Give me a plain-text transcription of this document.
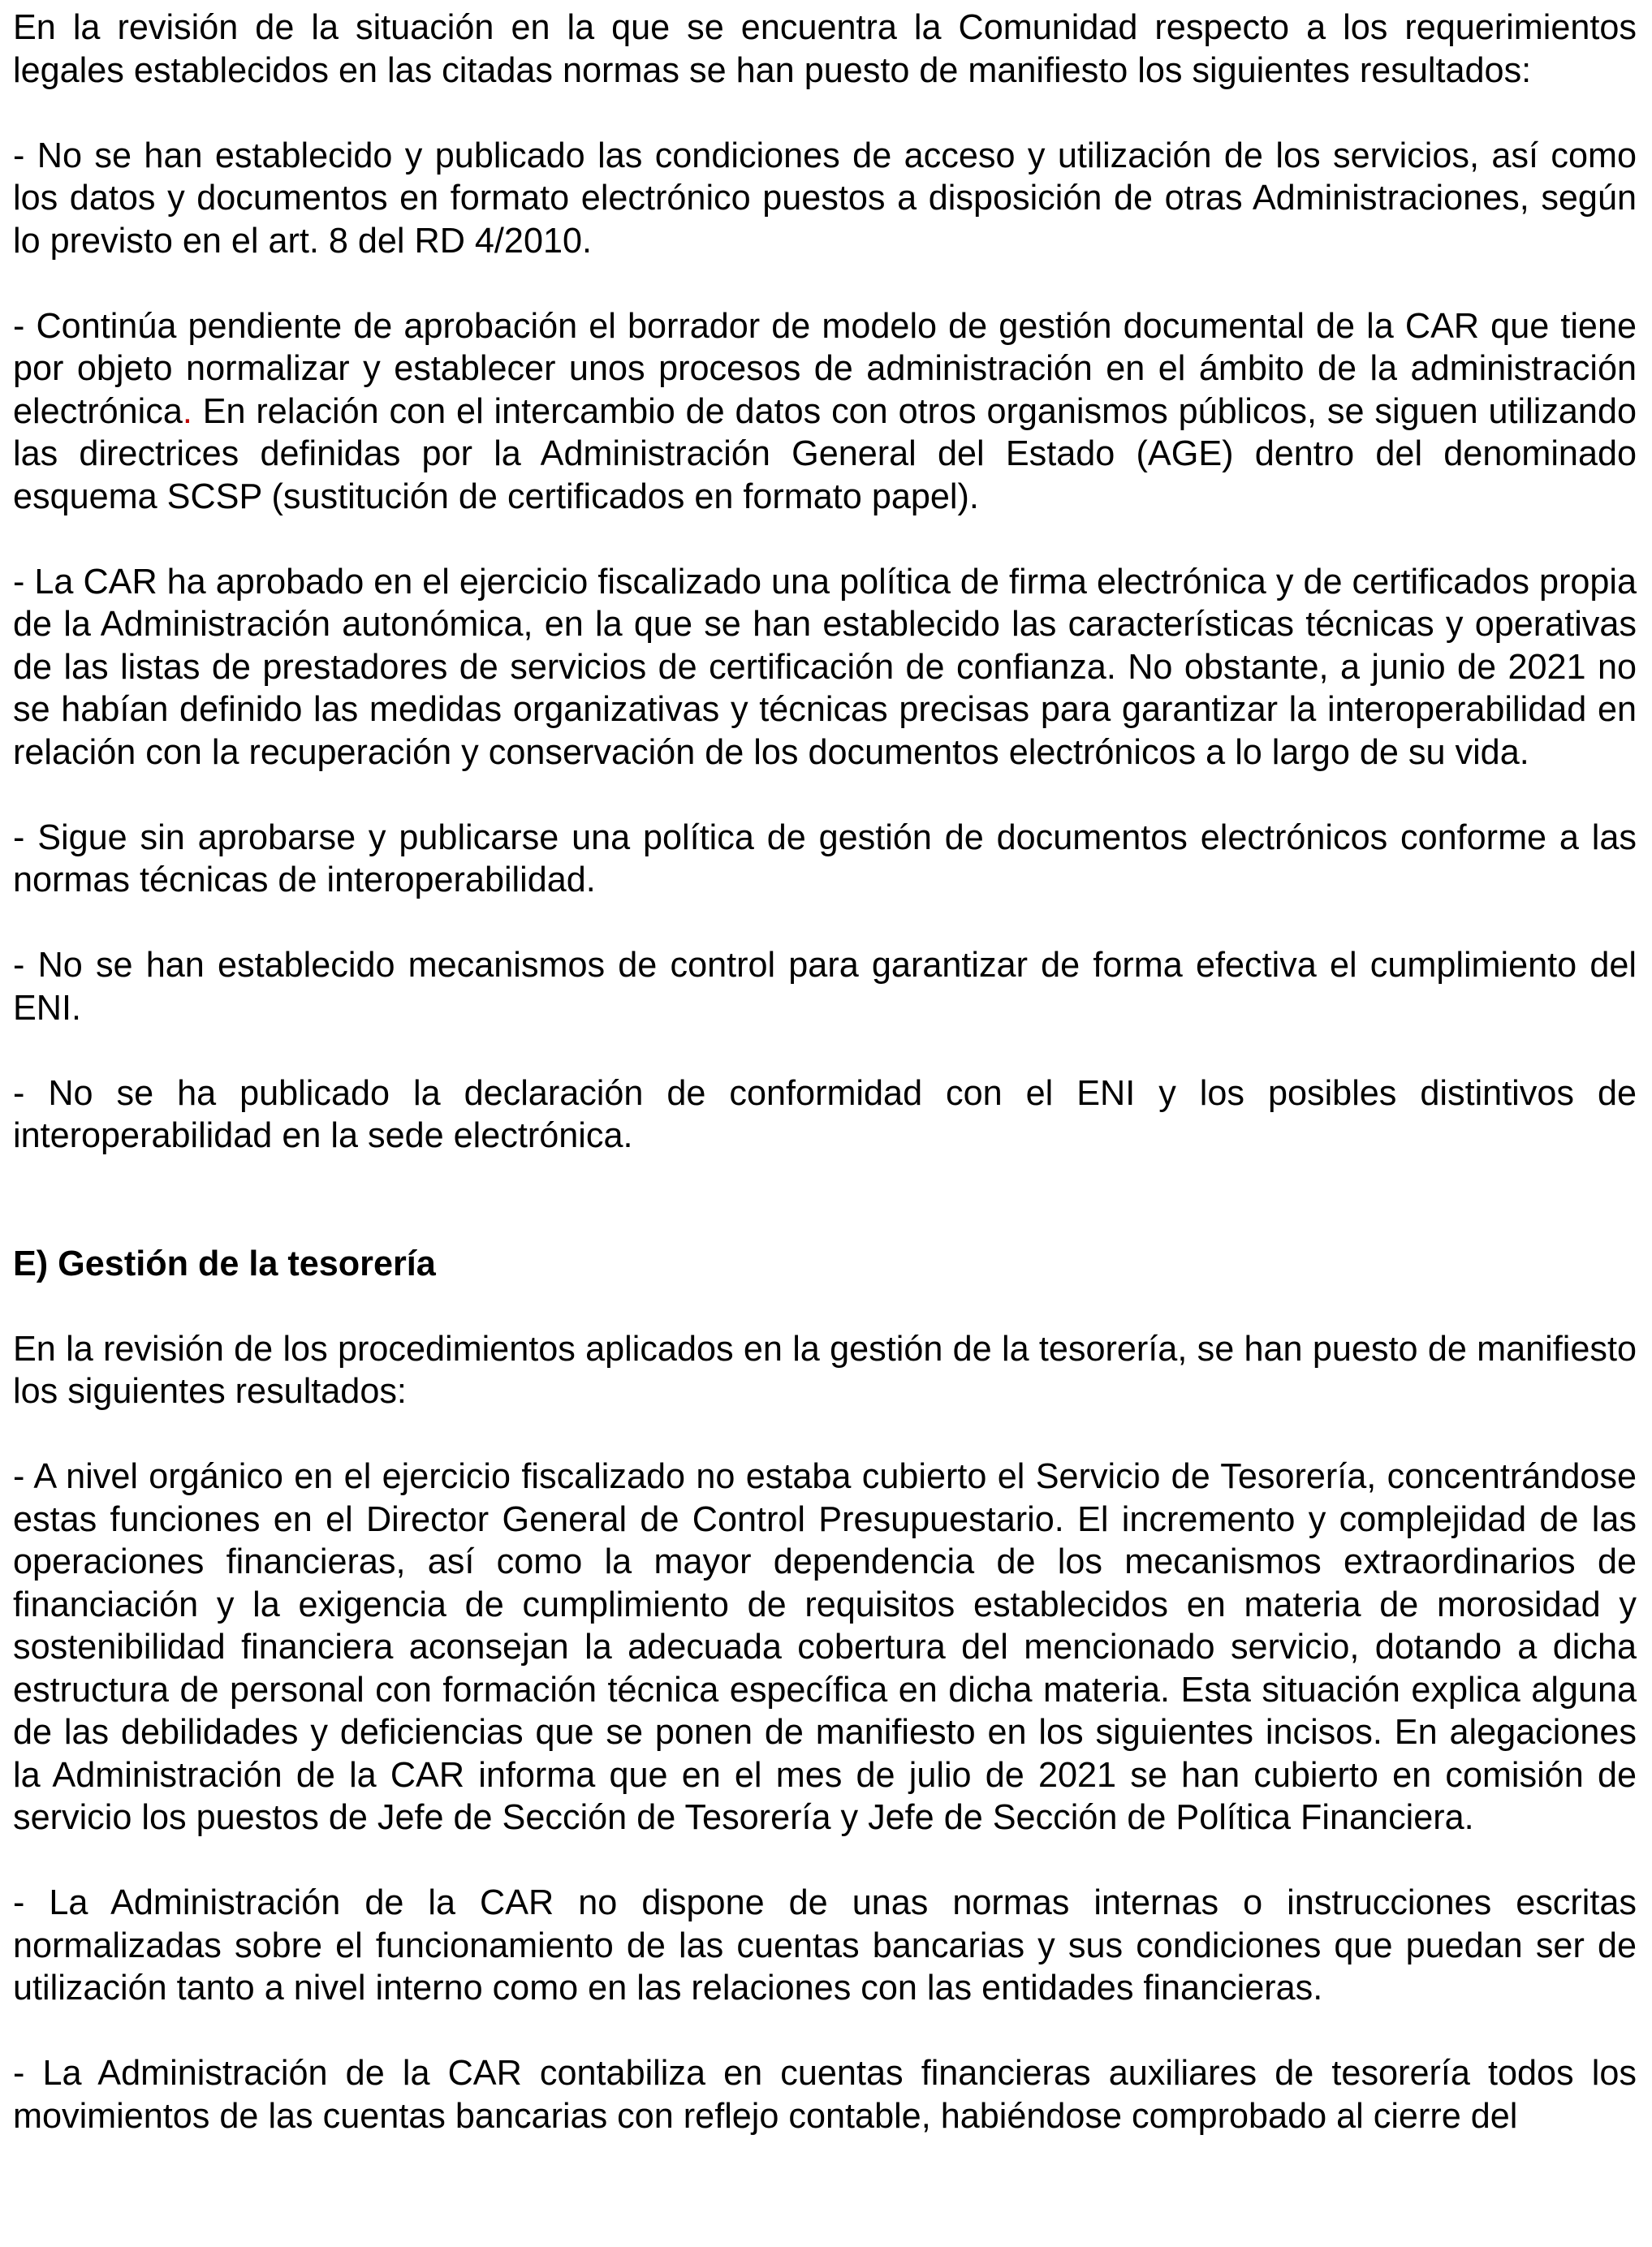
En la revisión de la situación en la que se encuentra la Comunidad respecto a los requerimientos legales establecidos en las citadas normas se han puesto de manifiesto los siguientes resultados:

- No se han establecido y publicado las condiciones de acceso y utilización de los servicios, así como los datos y documentos en formato electrónico puestos a disposición de otras Administraciones, según lo previsto en el art. 8 del RD 4/2010.

- Continúa pendiente de aprobación el borrador de modelo de gestión documental de la CAR que tiene por objeto normalizar y establecer unos procesos de administración en el ámbito de la administración electrónica. En relación con el intercambio de datos con otros organismos públicos, se siguen utilizando las directrices definidas por la Administración General del Estado (AGE) dentro del denominado esquema SCSP (sustitución de certificados en formato papel).

- La CAR ha aprobado en el ejercicio fiscalizado una política de firma electrónica y de certificados propia de la Administración autonómica, en la que se han establecido las características técnicas y operativas de las listas de prestadores de servicios de certificación de confianza. No obstante, a junio de 2021 no se habían definido las medidas organizativas y técnicas precisas para garantizar la interoperabilidad en relación con la recuperación y conservación de los documentos electrónicos a lo largo de su vida.

- Sigue sin aprobarse y publicarse una política de gestión de documentos electrónicos conforme a las normas técnicas de interoperabilidad.

- No se han establecido mecanismos de control para garantizar de forma efectiva el cumplimiento del ENI.

- No se ha publicado la declaración de conformidad con el ENI y los posibles distintivos de interoperabilidad en la sede electrónica.

E) Gestión de la tesorería

En la revisión de los procedimientos aplicados en la gestión de la tesorería, se han puesto de manifiesto los siguientes resultados:

- A nivel orgánico en el ejercicio fiscalizado no estaba cubierto el Servicio de Tesorería, concentrándose estas funciones en el Director General de Control Presupuestario. El incremento y complejidad de las operaciones financieras, así como la mayor dependencia de los mecanismos extraordinarios de financiación y la exigencia de cumplimiento de requisitos establecidos en materia de morosidad y sostenibilidad financiera aconsejan la adecuada cobertura del mencionado servicio, dotando a dicha estructura de personal con formación técnica específica en dicha materia. Esta situación explica alguna de las debilidades y deficiencias que se ponen de manifiesto en los siguientes incisos. En alegaciones la Administración de la CAR informa que en el mes de julio de 2021 se han cubierto en comisión de servicio los puestos de Jefe de Sección de Tesorería y Jefe de Sección de Política Financiera.

- La Administración de la CAR no dispone de unas normas internas o instrucciones escritas normalizadas sobre el funcionamiento de las cuentas bancarias y sus condiciones que puedan ser de utilización tanto a nivel interno como en las relaciones con las entidades financieras.

- La Administración de la CAR contabiliza en cuentas financieras auxiliares de tesorería todos los movimientos de las cuentas bancarias con reflejo contable, habiéndose comprobado al cierre del
